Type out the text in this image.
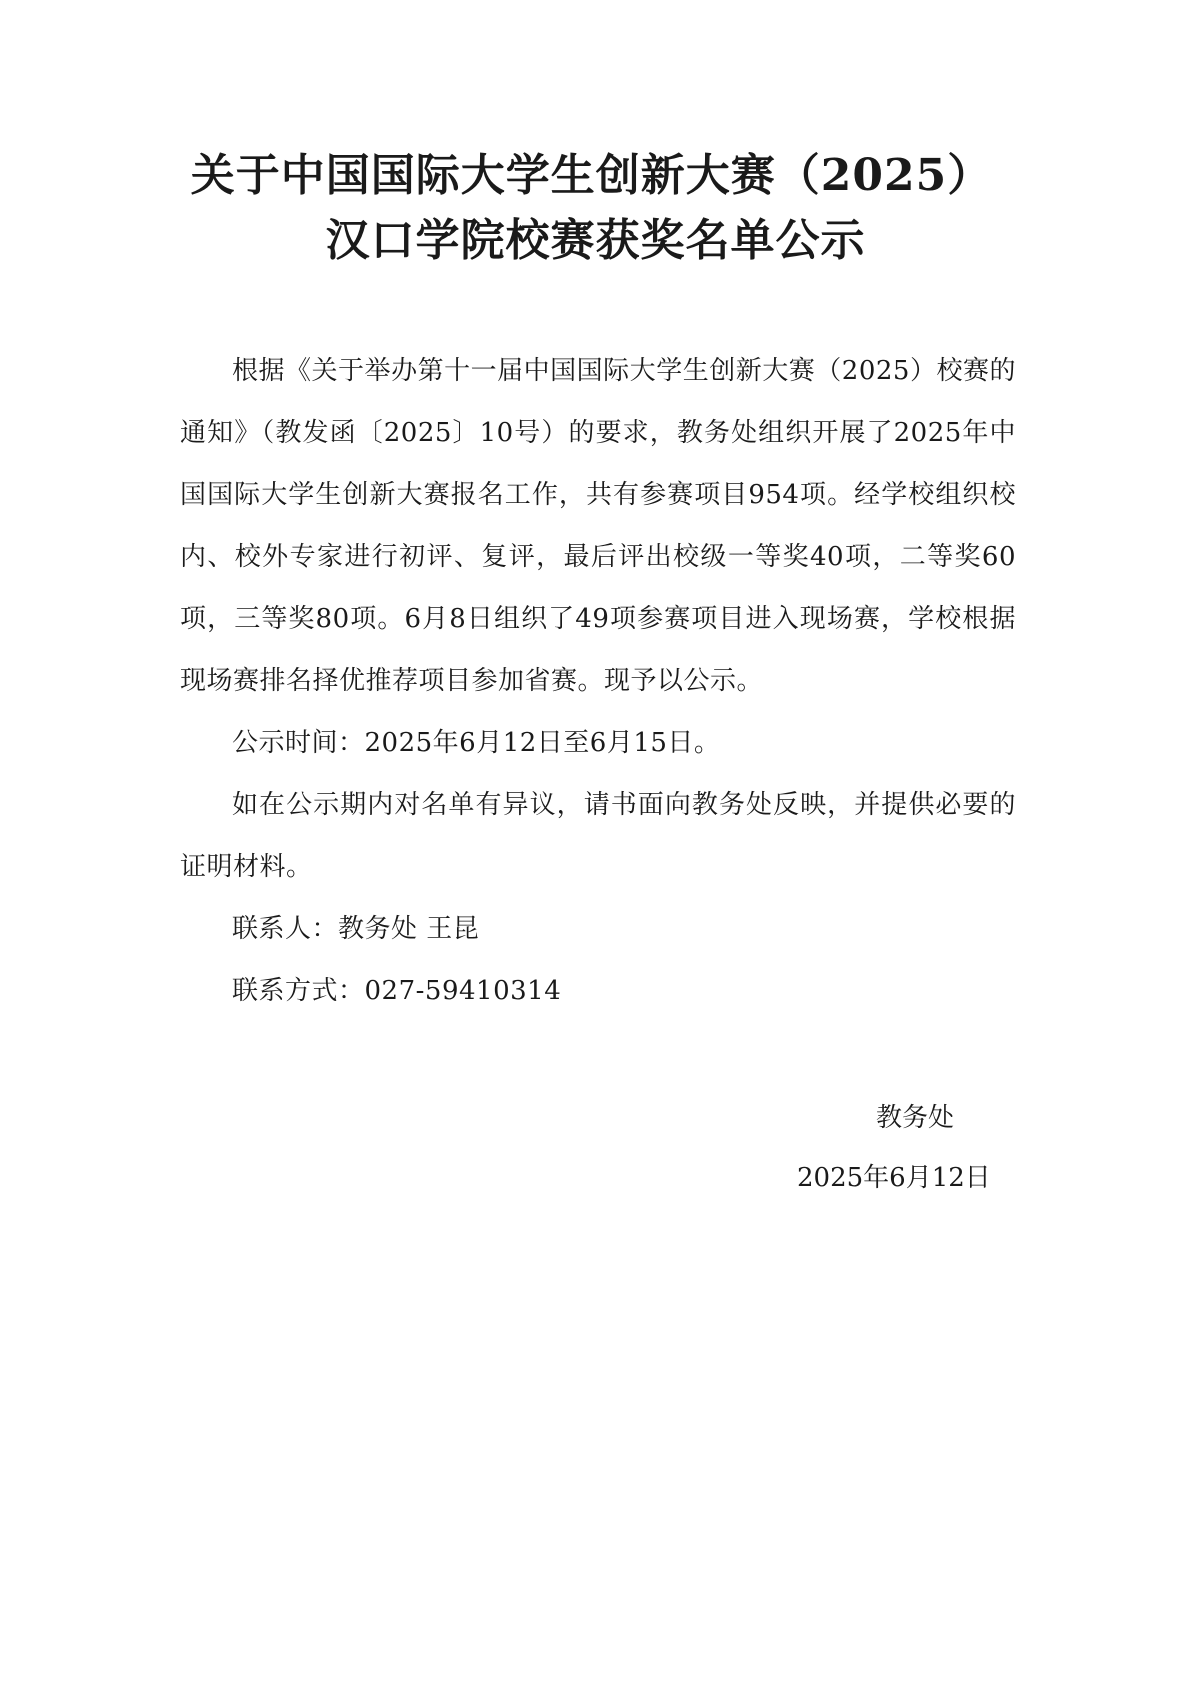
关于中国国际大学生创新大赛（2025）
汉口学院校赛获奖名单公示

根据《关于举办第十一届中国国际大学生创新大赛（2025）校赛的通知》（教发函〔2025〕10号）的要求，教务处组织开展了2025年中国国际大学生创新大赛报名工作，共有参赛项目954项。经学校组织校内、校外专家进行初评、复评，最后评出校级一等奖40项，二等奖60项，三等奖80项。6月8日组织了49项参赛项目进入现场赛，学校根据现场赛排名择优推荐项目参加省赛。现予以公示。

公示时间：2025年6月12日至6月15日。

如在公示期内对名单有异议，请书面向教务处反映，并提供必要的证明材料。

联系人：教务处 王昆

联系方式：027-59410314

教务处
2025年6月12日
